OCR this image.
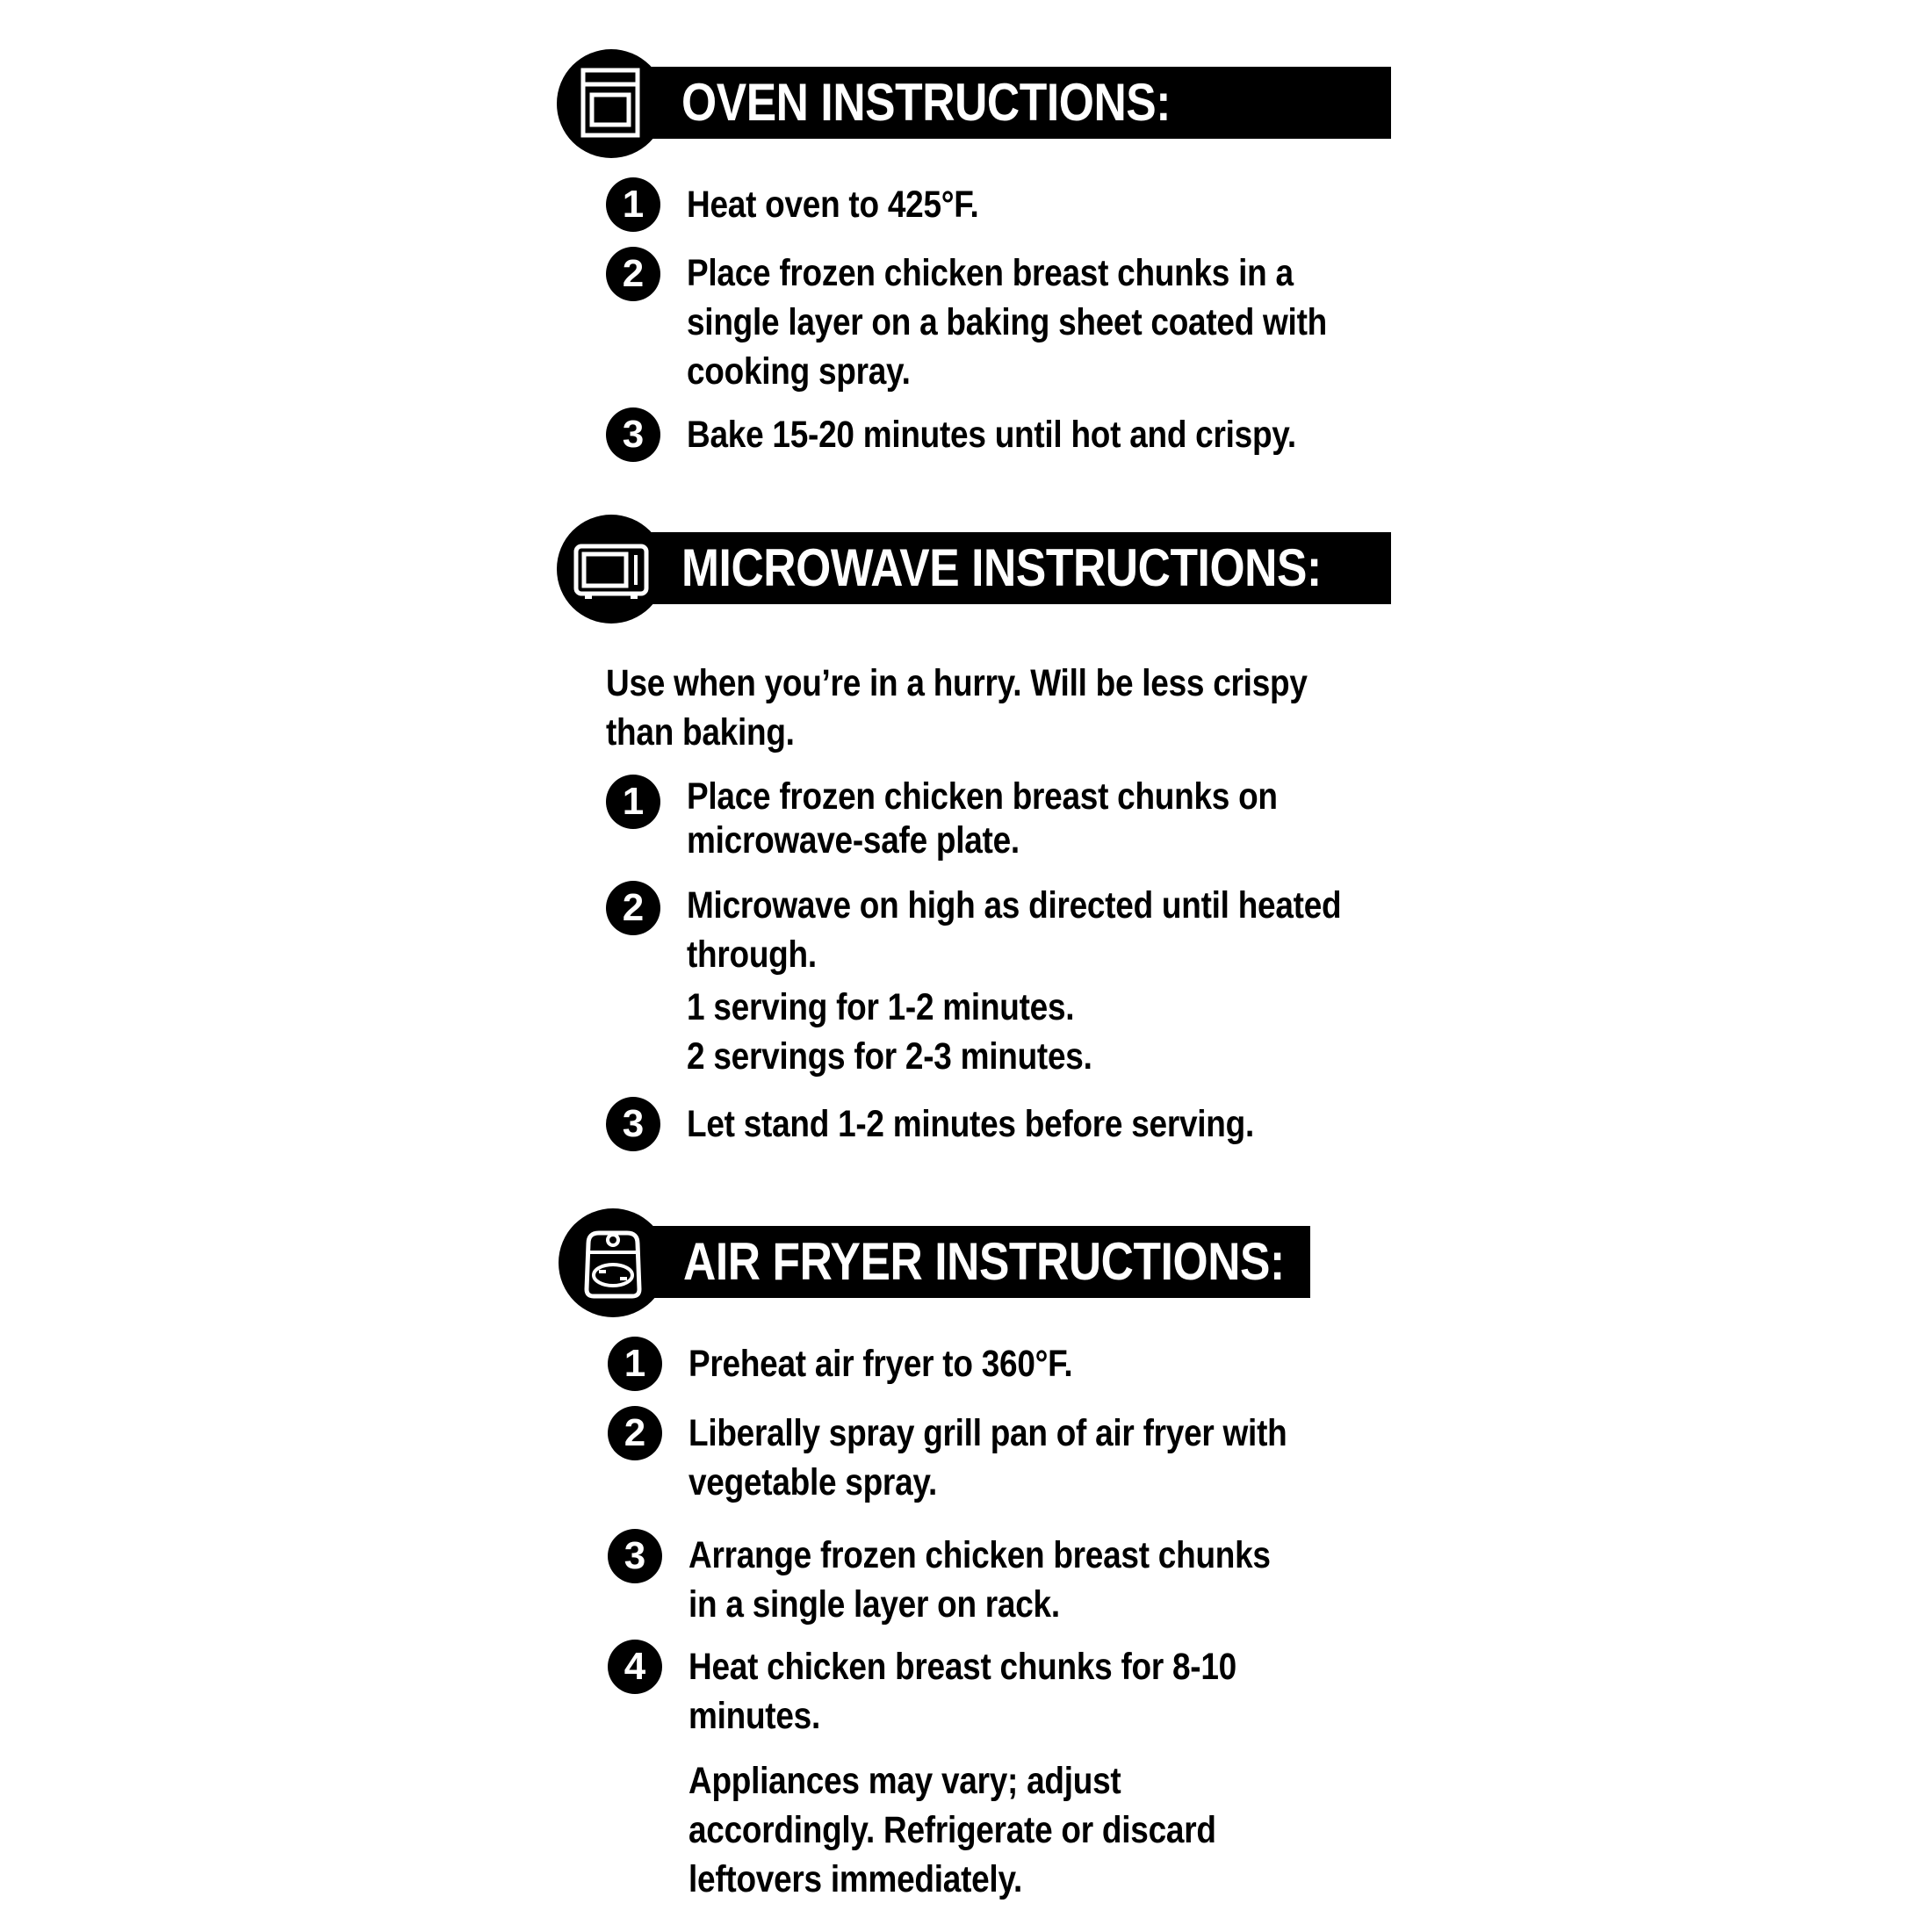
OVEN INSTRUCTIONS:
1	Heat oven to 425°F.
2	Place frozen chicken breast chunks in a
single layer on a baking sheet coated with
cooking spray.
3	Bake 15-20 minutes until hot and crispy.
MICROWAVE INSTRUCTIONS:
Use when you’re in a hurry. Will be less crispy
than baking.
1	Place frozen chicken breast chunks on
microwave-safe plate.
2	Microwave on high as directed until heated
through.
1 serving for 1-2 minutes.
2 servings for 2-3 minutes.
3	Let stand 1-2 minutes before serving.
AIR FRYER INSTRUCTIONS:
1	Preheat air fryer to 360°F.
2	Liberally spray grill pan of air fryer with
vegetable spray.
3	Arrange frozen chicken breast chunks
in a single layer on rack.
4	Heat chicken breast chunks for 8-10
minutes.
Appliances may vary; adjust
accordingly. Refrigerate or discard
leftovers immediately.
